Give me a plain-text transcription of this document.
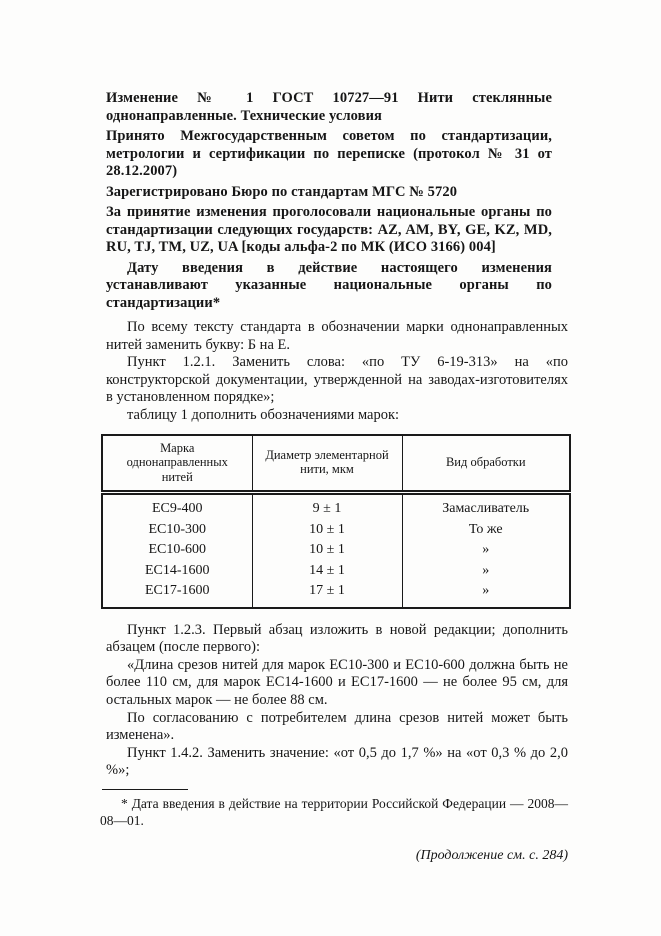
Изменение № 1 ГОСТ 10727—91 Нити стеклянные однонаправленные. Технические условия

Принято Межгосударственным советом по стандартизации, метрологии и сертификации по переписке (протокол № 31 от 28.12.2007)

Зарегистрировано Бюро по стандартам МГС № 5720

За принятие изменения проголосовали национальные органы по стандартизации следующих государств: AZ, AM, BY, GE, KZ, MD, RU, TJ, TM, UZ, UA [коды альфа-2 по МК (ИСО 3166) 004]

Дату введения в действие настоящего изменения устанавливают указанные национальные органы по стандартизации*

По всему тексту стандарта в обозначении марки однонаправленных нитей заменить букву: Б на Е.

Пункт 1.2.1. Заменить слова: «по ТУ 6-19-313» на «по конструкторской документации, утвержденной на заводах-изготовителях в установленном порядке»;

таблицу 1 дополнить обозначениями марок:

Марка однонаправленных нитей	Диаметр элементарной нити, мкм	Вид обработки
ЕС9-400	9 ± 1	Замасливатель
ЕС10-300	10 ± 1	То же
ЕС10-600	10 ± 1	»
ЕС14-1600	14 ± 1	»
ЕС17-1600	17 ± 1	»

Пункт 1.2.3. Первый абзац изложить в новой редакции; дополнить абзацем (после первого):

«Длина срезов нитей для марок ЕС10-300 и ЕС10-600 должна быть не более 110 см, для марок ЕС14-1600 и ЕС17-1600 — не более 95 см, для остальных марок — не более 88 см.

По согласованию с потребителем длина срезов нитей может быть изменена».

Пункт 1.4.2. Заменить значение: «от 0,5 до 1,7 %» на «от 0,3 % до 2,0 %»;

* Дата введения в действие на территории Российской Федерации — 2008—08—01.

(Продолжение см. с. 284)
